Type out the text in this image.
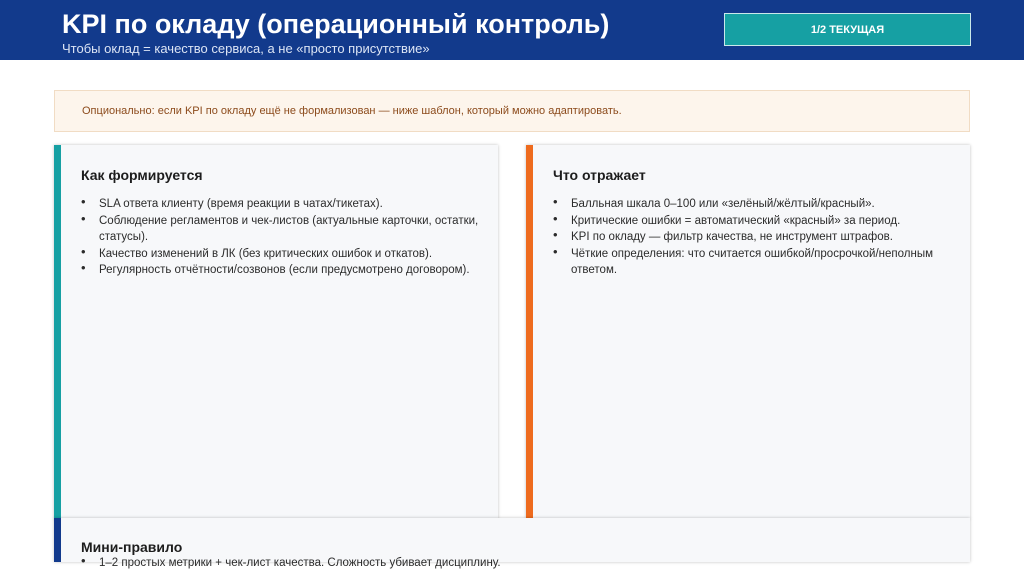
KPI по окладу (операционный контроль)
Чтобы оклад = качество сервиса, а не «просто присутствие»
1/2 ТЕКУЩАЯ
Опционально: если KPI по окладу ещё не формализован — ниже шаблон, который можно адаптировать.
Как формируется
• SLA ответа клиенту (время реакции в чатах/тикетах).
• Соблюдение регламентов и чек-листов (актуальные карточки, остатки, статусы).
• Качество изменений в ЛК (без критических ошибок и откатов).
• Регулярность отчётности/созвонов (если предусмотрено договором).
Что отражает
• Балльная шкала 0–100 или «зелёный/жёлтый/красный».
• Критические ошибки = автоматический «красный» за период.
• KPI по окладу — фильтр качества, не инструмент штрафов.
• Чёткие определения: что считается ошибкой/просрочкой/неполным ответом.
Мини-правило
• 1–2 простых метрики + чек-лист качества. Сложность убивает дисциплину.
